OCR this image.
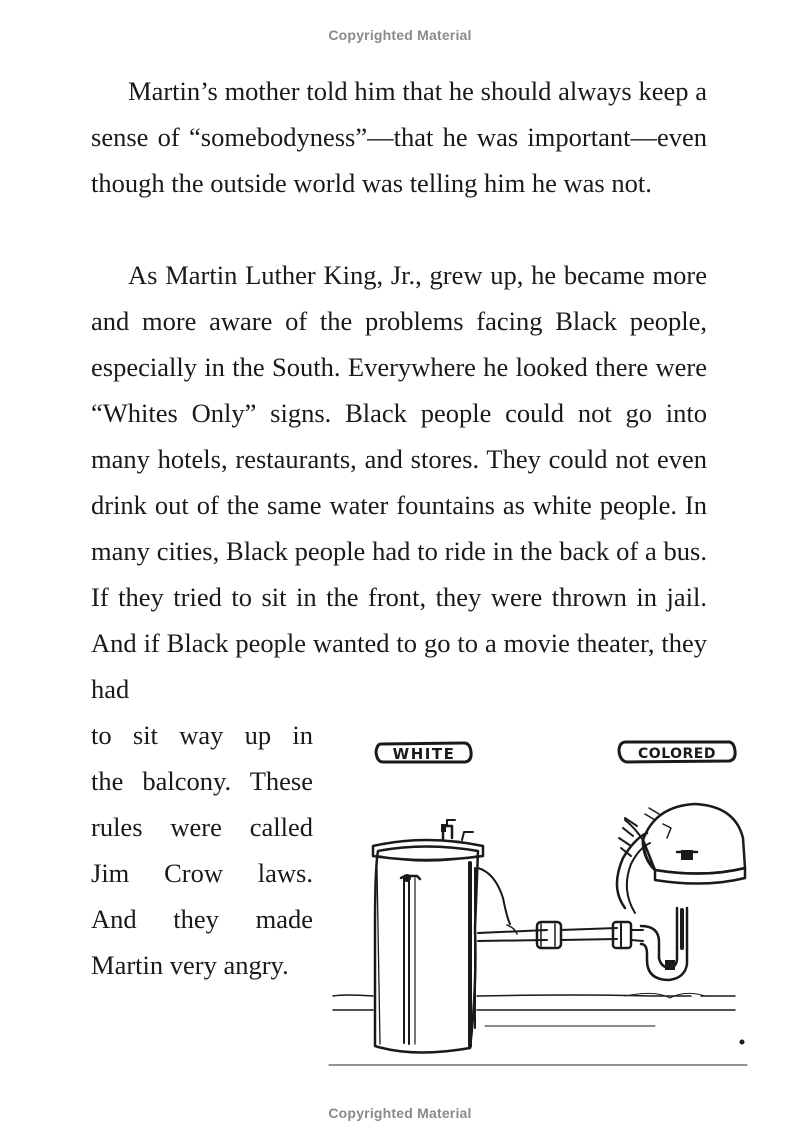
Copyrighted Material

Martin’s mother told him that he should always keep a sense of “somebodyness”—that he was important—even though the outside world was telling him he was not.

As Martin Luther King, Jr., grew up, he became more and more aware of the problems facing Black people, especially in the South. Everywhere he looked there were “Whites Only” signs. Black people could not go into many hotels, restaurants, and stores. They could not even drink out of the same water fountains as white people. In many cities, Black people had to ride in the back of a bus. If they tried to sit in the front, they were thrown in jail. And if Black people wanted to go to a movie theater, they had

to sit way up in
the balcony. These
rules were called
Jim Crow laws.
And they made
Martin very angry.
WHITE	COLORED
Copyrighted Material
